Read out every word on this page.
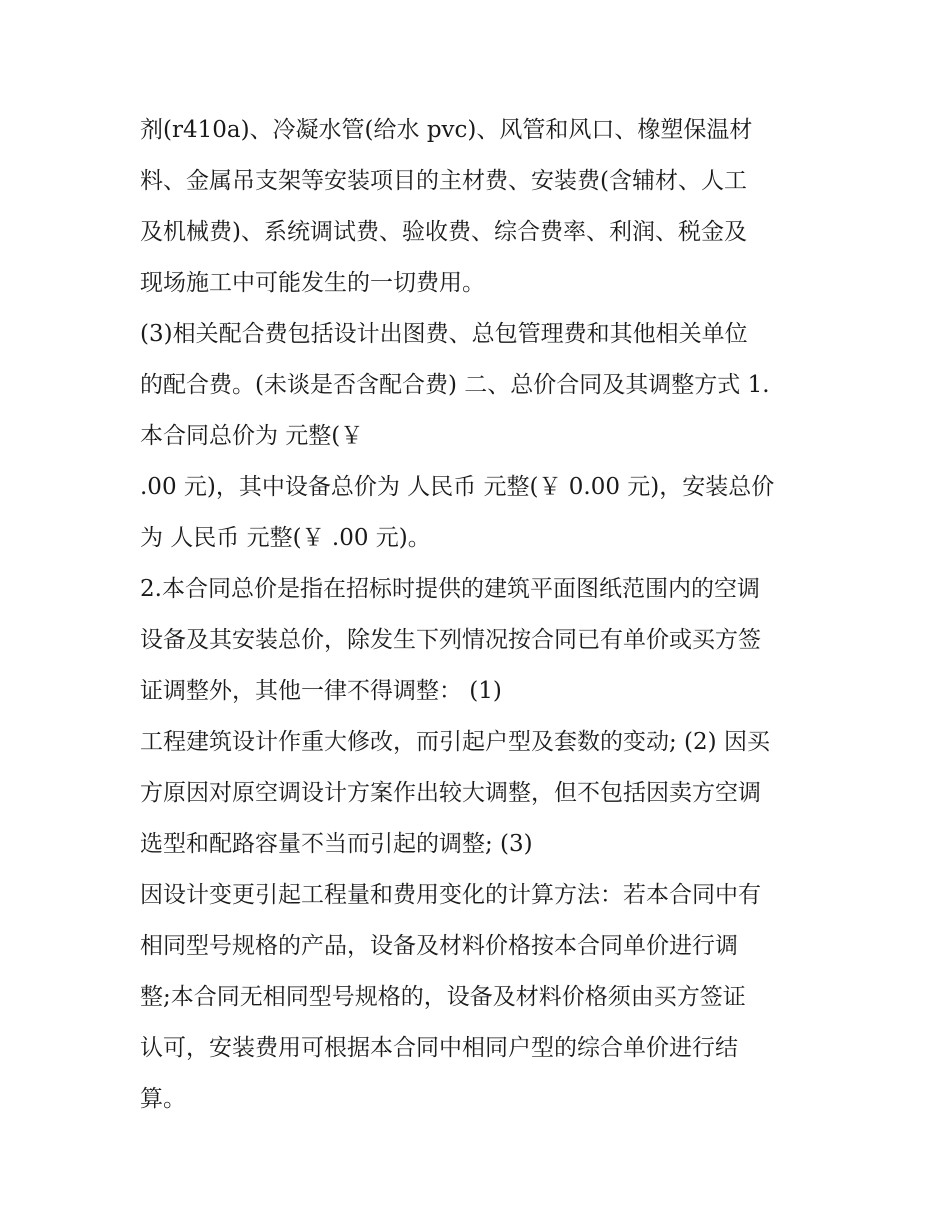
剂(r410a)、冷凝水管(给水 pvc)、风管和风口、橡塑保温材
料、金属吊支架等安装项目的主材费、安装费(含辅材、人工
及机械费)、系统调试费、验收费、综合费率、利润、税金及
现场施工中可能发生的一切费用。
(3)相关配合费包括设计出图费、总包管理费和其他相关单位
的配合费。(未谈是否含配合费) 二、总价合同及其调整方式 1.
本合同总价为 元整(￥
.00 元)，其中设备总价为 人民币 元整(￥ 0.00 元)，安装总价
为 人民币 元整(￥ .00 元)。
2.本合同总价是指在招标时提供的建筑平面图纸范围内的空调
设备及其安装总价，除发生下列情况按合同已有单价或买方签
证调整外，其他一律不得调整： (1)
工程建筑设计作重大修改，而引起户型及套数的变动; (2) 因买
方原因对原空调设计方案作出较大调整，但不包括因卖方空调
选型和配路容量不当而引起的调整; (3)
因设计变更引起工程量和费用变化的计算方法：若本合同中有
相同型号规格的产品，设备及材料价格按本合同单价进行调
整;本合同无相同型号规格的，设备及材料价格须由买方签证
认可，安装费用可根据本合同中相同户型的综合单价进行结
算。
